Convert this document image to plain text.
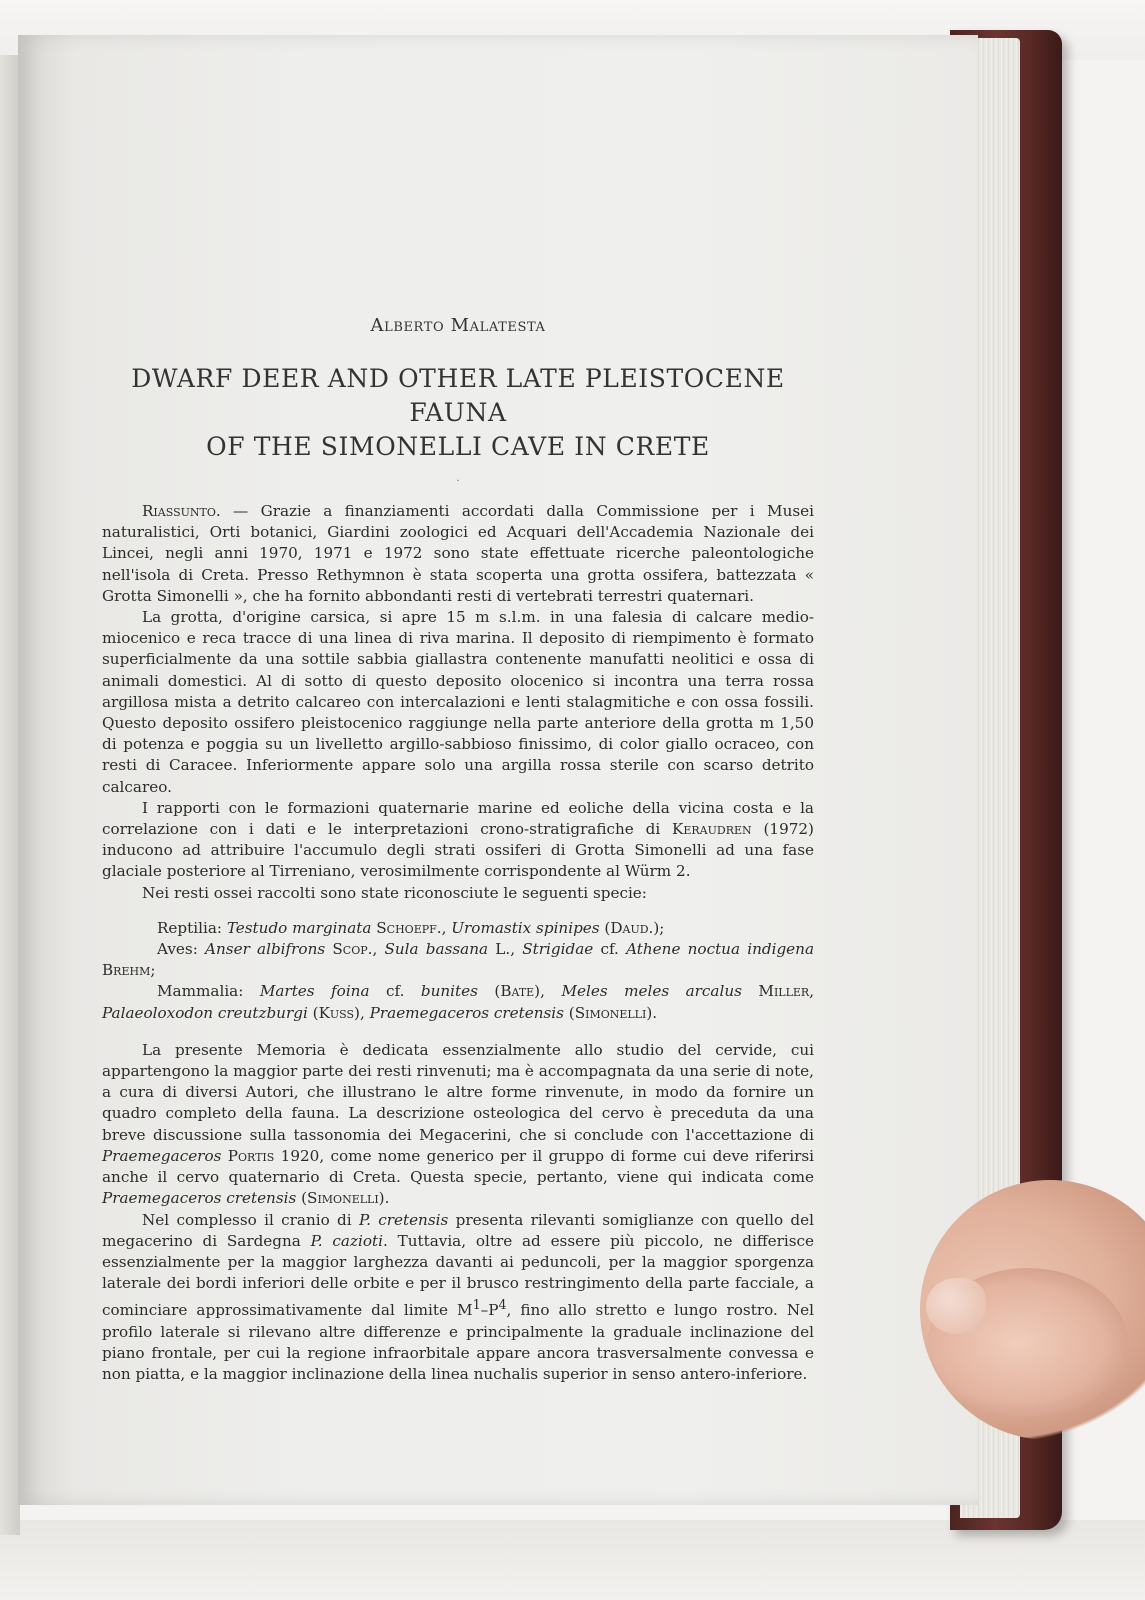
Alberto Malatesta
DWARF DEER AND OTHER LATE PLEISTOCENE FAUNA
OF THE SIMONELLI CAVE IN CRETE
·

Riassunto. — Grazie a finanziamenti accordati dalla Commissione per i Musei naturalistici, Orti botanici, Giardini zoologici ed Acquari dell'Accademia Nazionale dei Lincei, negli anni 1970, 1971 e 1972 sono state effettuate ricerche paleontologiche nell'isola di Creta. Presso Rethymnon è stata scoperta una grotta ossifera, battezzata « Grotta Simonelli », che ha fornito abbondanti resti di vertebrati terrestri quaternari.

La grotta, d'origine carsica, si apre 15 m s.l.m. in una falesia di calcare medio-miocenico e reca tracce di una linea di riva marina. Il deposito di riempimento è formato superficialmente da una sottile sabbia giallastra contenente manufatti neolitici e ossa di animali domestici. Al di sotto di questo deposito olocenico si incontra una terra rossa argillosa mista a detrito calcareo con intercalazioni e lenti stalagmitiche e con ossa fossili. Questo deposito ossifero pleistocenico raggiunge nella parte anteriore della grotta m 1,50 di potenza e poggia su un livelletto argillo-sabbioso finissimo, di color giallo ocraceo, con resti di Caracee. Inferiormente appare solo una argilla rossa sterile con scarso detrito calcareo.

I rapporti con le formazioni quaternarie marine ed eoliche della vicina costa e la correlazione con i dati e le interpretazioni crono-stratigrafiche di Keraudren (1972) inducono ad attribuire l'accumulo degli strati ossiferi di Grotta Simonelli ad una fase glaciale posteriore al Tirreniano, verosimilmente corrispondente al Würm 2.

Nei resti ossei raccolti sono state riconosciute le seguenti specie:

Reptilia: Testudo marginata Schoepf., Uromastix spinipes (Daud.);

Aves: Anser albifrons Scop., Sula bassana L., Strigidae cf. Athene noctua indigena Brehm;

Mammalia: Martes foina cf. bunites (Bate), Meles meles arcalus Miller, Palaeoloxodon creutzburgi (Kuss), Praemegaceros cretensis (Simonelli).

La presente Memoria è dedicata essenzialmente allo studio del cervide, cui appartengono la maggior parte dei resti rinvenuti; ma è accompagnata da una serie di note, a cura di diversi Autori, che illustrano le altre forme rinvenute, in modo da fornire un quadro completo della fauna. La descrizione osteologica del cervo è preceduta da una breve discussione sulla tassonomia dei Megacerini, che si conclude con l'accettazione di Praemegaceros Portis 1920, come nome generico per il gruppo di forme cui deve riferirsi anche il cervo quaternario di Creta. Questa specie, pertanto, viene qui indicata come Praemegaceros cretensis (Simonelli).

Nel complesso il cranio di P. cretensis presenta rilevanti somiglianze con quello del megacerino di Sardegna P. cazioti. Tuttavia, oltre ad essere più piccolo, ne differisce essenzialmente per la maggior larghezza davanti ai peduncoli, per la maggior sporgenza laterale dei bordi inferiori delle orbite e per il brusco restringimento della parte facciale, a cominciare approssimativamente dal limite $M^1-P^4$, fino allo stretto e lungo rostro. Nel profilo laterale si rilevano altre differenze e principalmente la graduale inclinazione del piano frontale, per cui la regione infraorbitale appare ancora trasversalmente convessa e non piatta, e la maggior inclinazione della linea nuchalis superior in senso antero-inferiore.
